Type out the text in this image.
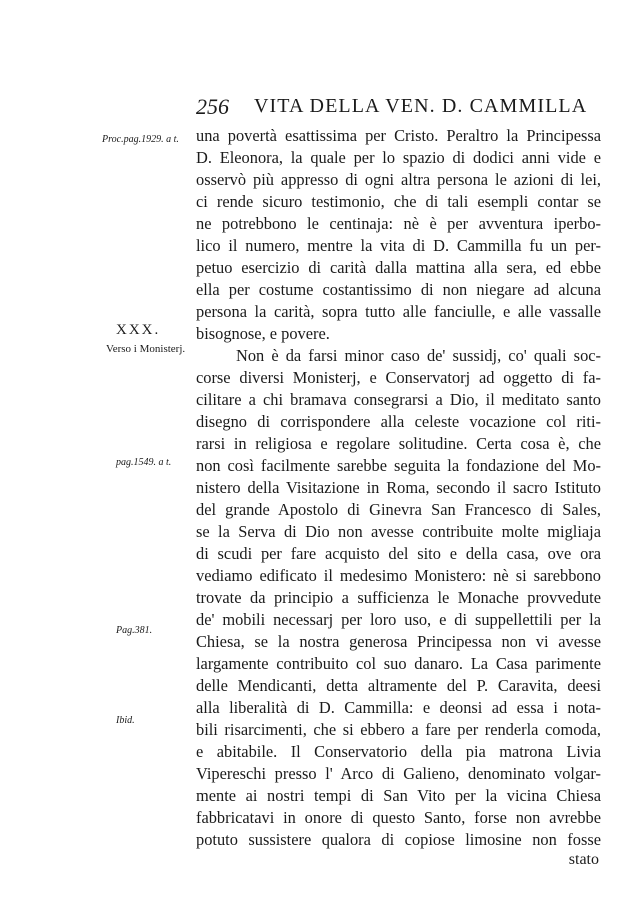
256 VITA DELLA VEN. D. CAMMILLA
Proc.pag.1929. a t.
XXX.
Verso i Monisterj.
pag.1549. a t.
Pag.381.
Ibid.
una povertà esattissima per Cristo. Peraltro la Principessa
D. Eleonora, la quale per lo spazio di dodici anni vide e
osservò più appresso di ogni altra persona le azioni di lei,
ci rende sicuro testimonio, che di tali esempli contar se
ne potrebbono le centinaja: nè è per avventura iperbo-
lico il numero, mentre la vita di D. Cammilla fu un per-
petuo esercizio di carità dalla mattina alla sera, ed ebbe
ella per costume costantissimo di non niegare ad alcuna
persona la carità, sopra tutto alle fanciulle, e alle vassalle
bisognose, e povere.
Non è da farsi minor caso de' sussidj, co' quali soc-
corse diversi Monisterj, e Conservatorj ad oggetto di fa-
cilitare a chi bramava consegrarsi a Dio, il meditato santo
disegno di corrispondere alla celeste vocazione col riti-
rarsi in religiosa e regolare solitudine. Certa cosa è, che
non così facilmente sarebbe seguita la fondazione del Mo-
nistero della Visitazione in Roma, secondo il sacro Istituto
del grande Apostolo di Ginevra San Francesco di Sales,
se la Serva di Dio non avesse contribuite molte migliaja
di scudi per fare acquisto del sito e della casa, ove ora
vediamo edificato il medesimo Monistero: nè si sarebbono
trovate da principio a sufficienza le Monache provvedute
de' mobili necessarj per loro uso, e di suppellettili per la
Chiesa, se la nostra generosa Principessa non vi avesse
largamente contribuito col suo danaro. La Casa parimente
delle Mendicanti, detta altramente del P. Caravita, deesi
alla liberalità di D. Cammilla: e deonsi ad essa i nota-
bili risarcimenti, che si ebbero a fare per renderla comoda,
e abitabile. Il Conservatorio della pia matrona Livia
Vipereschi presso l' Arco di Galieno, denominato volgar-
mente ai nostri tempi di San Vito per la vicina Chiesa
fabbricatavi in onore di questo Santo, forse non avrebbe
potuto sussistere qualora di copiose limosine non fosse
stato
